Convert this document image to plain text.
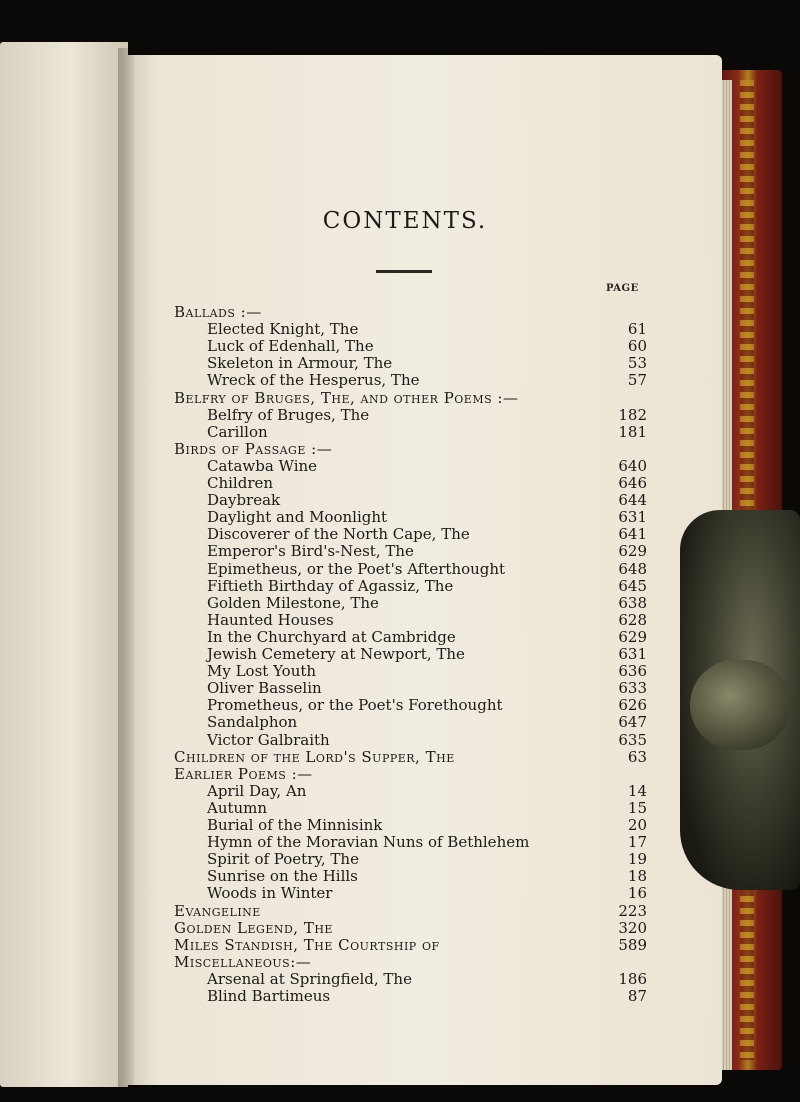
CONTENTS.
PAGE
Ballads :—
Elected Knight, The	61
Luck of Edenhall, The	60
Skeleton in Armour, The	53
Wreck of the Hesperus, The	57
Belfry of Bruges, The, and other Poems :—
Belfry of Bruges, The	182
Carillon	181
Birds of Passage :—
Catawba Wine	640
Children	646
Daybreak	644
Daylight and Moonlight	631
Discoverer of the North Cape, The	641
Emperor's Bird's-Nest, The	629
Epimetheus, or the Poet's Afterthought	648
Fiftieth Birthday of Agassiz, The	645
Golden Milestone, The	638
Haunted Houses	628
In the Churchyard at Cambridge	629
Jewish Cemetery at Newport, The	631
My Lost Youth	636
Oliver Basselin	633
Prometheus, or the Poet's Forethought	626
Sandalphon	647
Victor Galbraith	635
Children of the Lord's Supper, The	63
Earlier Poems :—
April Day, An	14
Autumn	15
Burial of the Minnisink	20
Hymn of the Moravian Nuns of Bethlehem	17
Spirit of Poetry, The	19
Sunrise on the Hills	18
Woods in Winter	16
Evangeline	223
Golden Legend, The	320
Miles Standish, The Courtship of	589
Miscellaneous:—
Arsenal at Springfield, The	186
Blind Bartimeus	87
